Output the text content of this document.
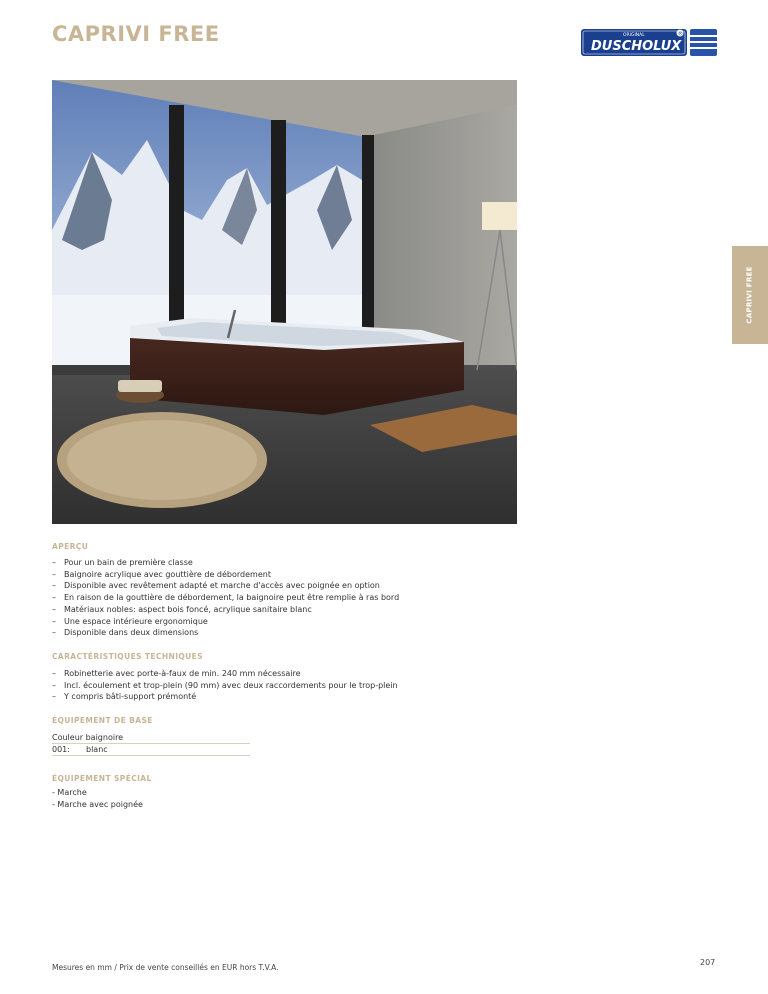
CAPRIVI FREE	ORIGINAL
DUSCHOLUX
®
CAPRIVI FREE
APERÇU
– Pour un bain de première classe
– Baignoire acrylique avec gouttière de débordement
– Disponible avec revêtement adapté et marche d'accès avec poignée en option
– En raison de la gouttière de débordement, la baignoire peut être remplie à ras bord
– Matériaux nobles: aspect bois foncé, acrylique sanitaire blanc
– Une espace intérieure ergonomique
– Disponible dans deux dimensions
CARACTÉRISTIQUES TECHNIQUES
– Robinetterie avec porte-à-faux de min. 240 mm nécessaire
– Incl. écoulement et trop-plein (90 mm) avec deux raccordements pour le trop-plein
– Y compris bâti-support prémonté
ÉQUIPEMENT DE BASE
Couleur baignoire
001:	blanc
ÉQUIPEMENT SPÉCIAL
- Marche
- Marche avec poignée
Mesures en mm / Prix de vente conseillés en EUR hors T.V.A.
207
